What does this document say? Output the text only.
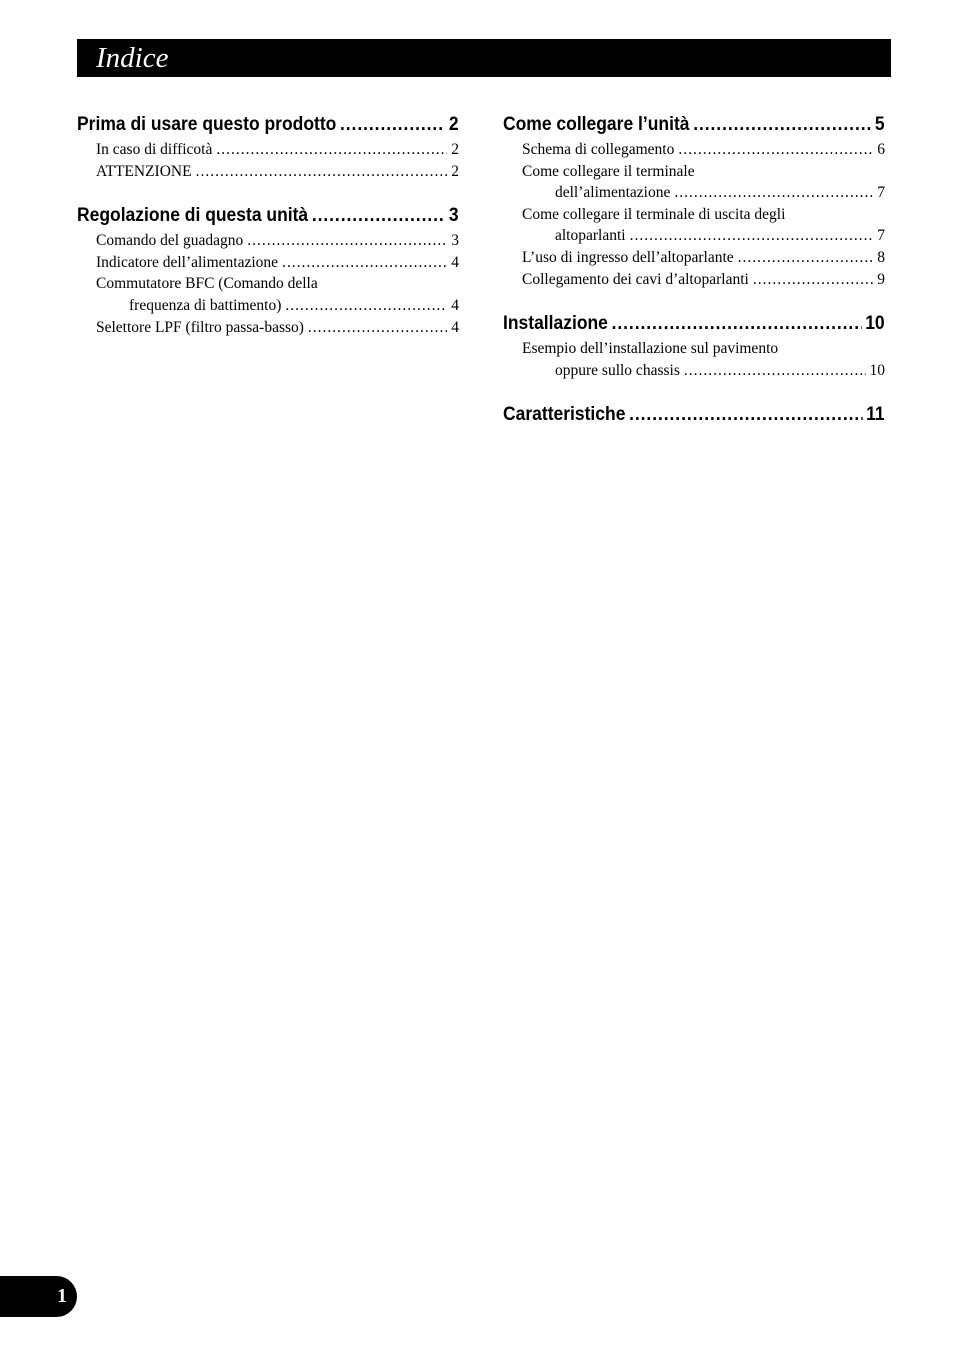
Indice
Prima di usare questo prodotto .....	2
In caso di difficotà .....	2
ATTENZIONE .....	2
Regolazione di questa unità .....	3
Comando del guadagno .....	3
Indicatore dell’alimentazione .....	4
Commutatore BFC (Comando della
frequenza di battimento) .....	4
Selettore LPF (filtro passa-basso) .....	4
Come collegare l’unità .....	5
Schema di collegamento .....	6
Come collegare il terminale
dell’alimentazione .....	7
Come collegare il terminale di uscita degli
altoparlanti .....	7
L’uso di ingresso dell’altoparlante .....	8
Collegamento dei cavi d’altoparlanti .....	9
Installazione .....	10
Esempio dell’installazione sul pavimento
oppure sullo chassis .....	10
Caratteristiche .....	11
1
